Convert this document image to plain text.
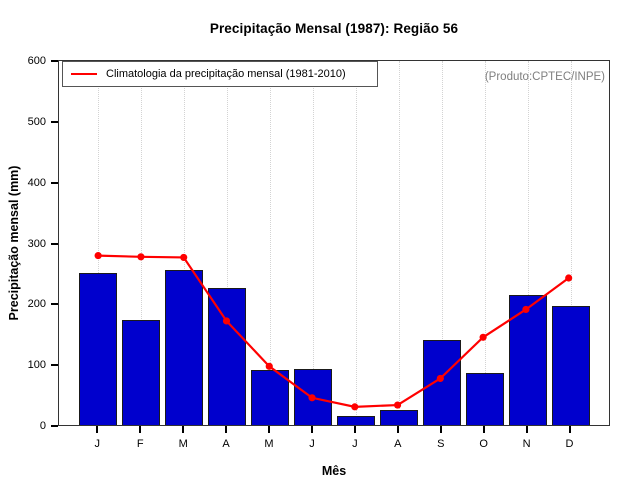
Precipitação Mensal (1987): Região 56
Precipitação mensal (mm)
Climatologia da precipitação mensal (1981-2010)	(Produto:CPTEC/INPE)
0
100
200
300
400
500
600
J	F	M	A	M	J	J	A	S	O	N	D
Mês
